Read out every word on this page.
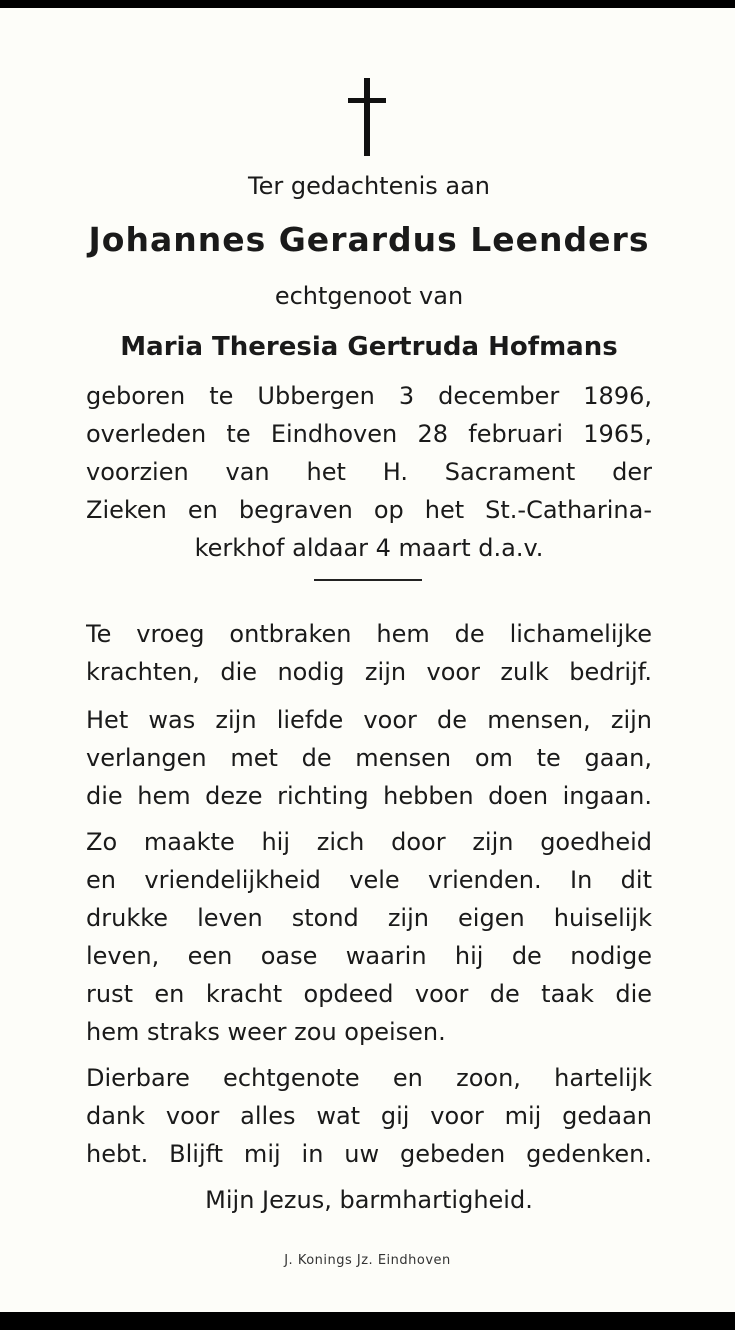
Ter gedachtenis aan
Johannes Gerardus Leenders
echtgenoot van
Maria Theresia Gertruda Hofmans
geboren te Ubbergen 3 december 1896,
overleden te Eindhoven 28 februari 1965,
voorzien van het H. Sacrament der
Zieken en begraven op het St.-Catharina-
kerkhof aldaar 4 maart d.a.v.
Te vroeg ontbraken hem de lichamelijke
krachten, die nodig zijn voor zulk bedrijf.
Het was zijn liefde voor de mensen, zijn
verlangen met de mensen om te gaan,
die hem deze richting hebben doen ingaan.
Zo maakte hij zich door zijn goedheid
en vriendelijkheid vele vrienden. In dit
drukke leven stond zijn eigen huiselijk
leven, een oase waarin hij de nodige
rust en kracht opdeed voor de taak die
hem straks weer zou opeisen.
Dierbare echtgenote en zoon, hartelijk
dank voor alles wat gij voor mij gedaan
hebt. Blijft mij in uw gebeden gedenken.
Mijn Jezus, barmhartigheid.
J. Konings Jz. Eindhoven
